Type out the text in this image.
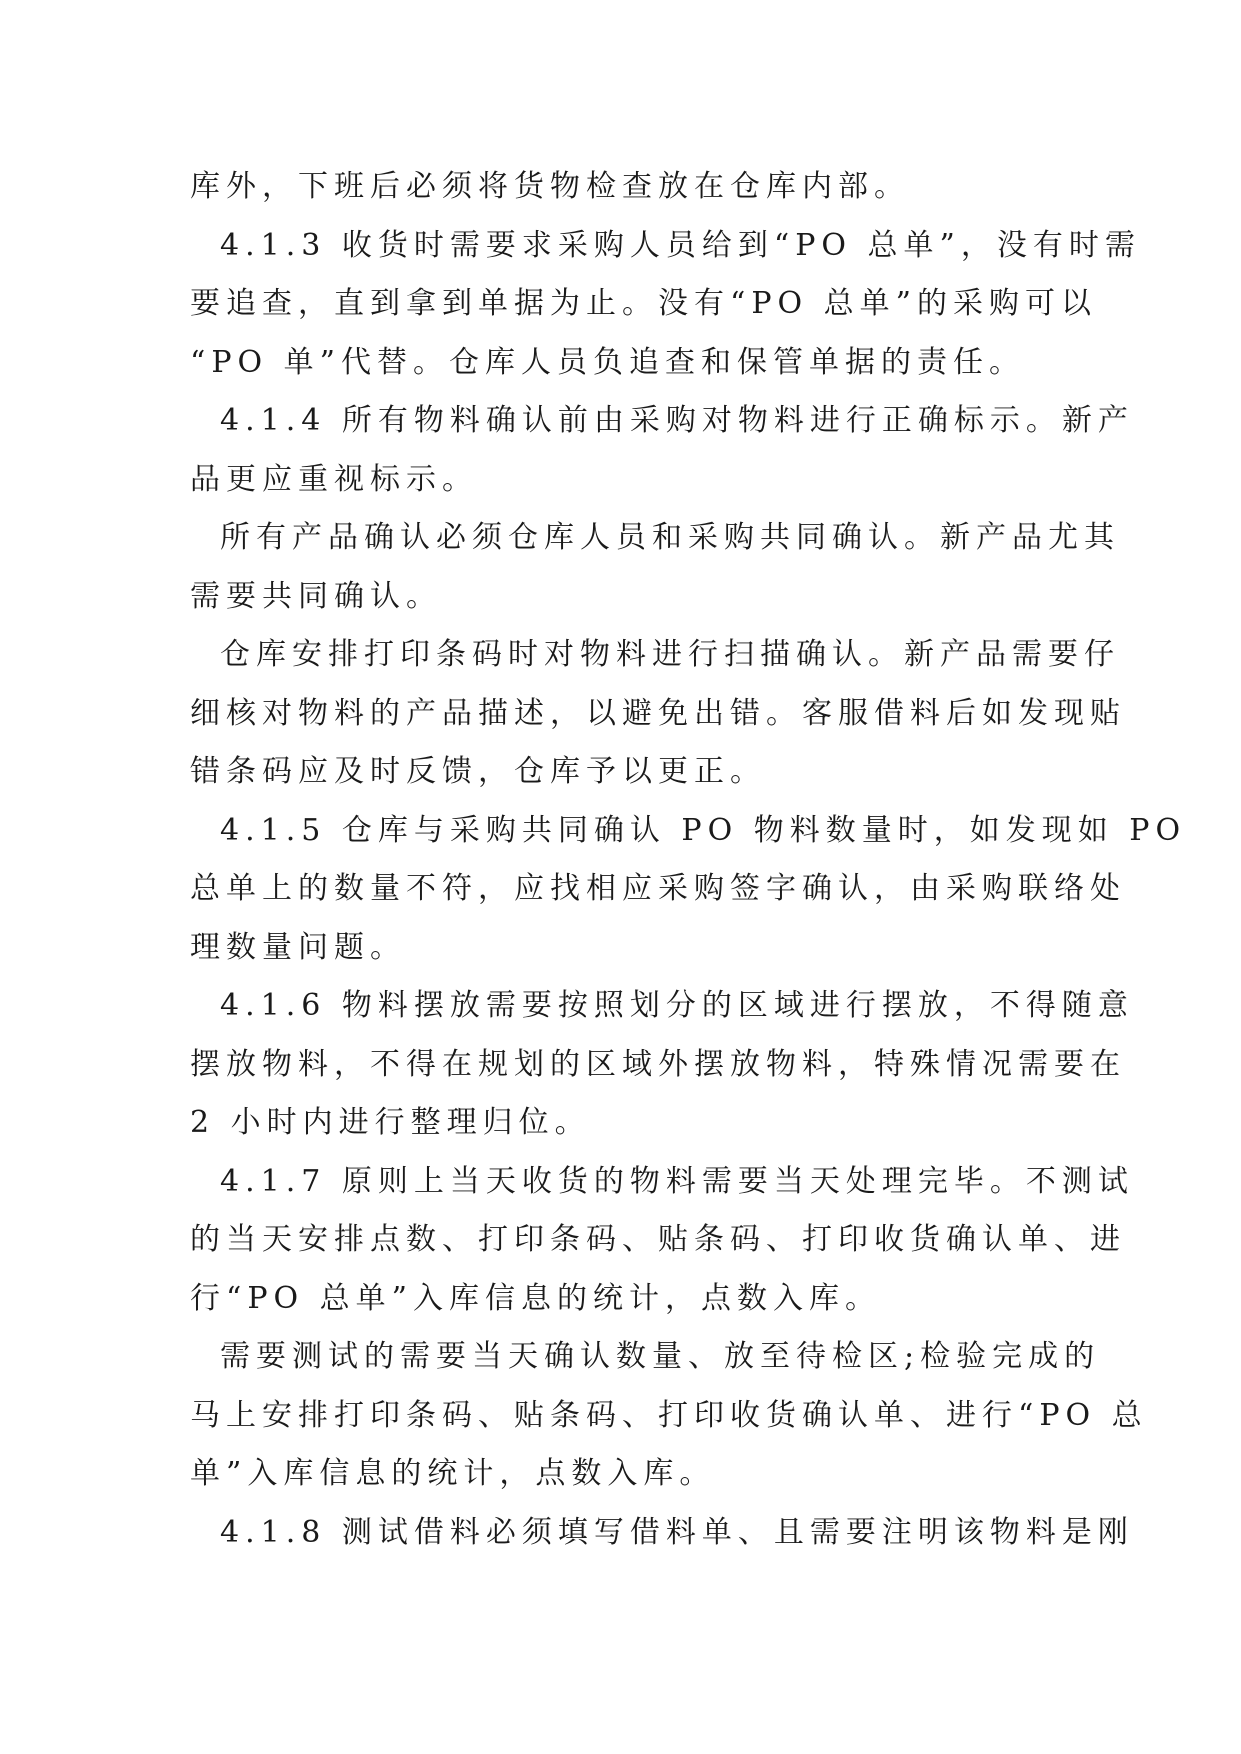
库外，下班后必须将货物检查放在仓库内部。
4.1.3 收货时需要求采购人员给到“PO 总单”，没有时需
要追查，直到拿到单据为止。没有“PO 总单”的采购可以
“PO 单”代替。仓库人员负追查和保管单据的责任。
4.1.4 所有物料确认前由采购对物料进行正确标示。新产
品更应重视标示。
所有产品确认必须仓库人员和采购共同确认。新产品尤其
需要共同确认。
仓库安排打印条码时对物料进行扫描确认。新产品需要仔
细核对物料的产品描述，以避免出错。客服借料后如发现贴
错条码应及时反馈，仓库予以更正。
4.1.5 仓库与采购共同确认 PO 物料数量时，如发现如 PO
总单上的数量不符，应找相应采购签字确认，由采购联络处
理数量问题。
4.1.6 物料摆放需要按照划分的区域进行摆放，不得随意
摆放物料，不得在规划的区域外摆放物料，特殊情况需要在
2 小时内进行整理归位。
4.1.7 原则上当天收货的物料需要当天处理完毕。不测试
的当天安排点数、打印条码、贴条码、打印收货确认单、进
行“PO 总单”入库信息的统计，点数入库。
需要测试的需要当天确认数量、放至待检区;检验完成的
马上安排打印条码、贴条码、打印收货确认单、进行“PO 总
单”入库信息的统计，点数入库。
4.1.8 测试借料必须填写借料单、且需要注明该物料是刚
